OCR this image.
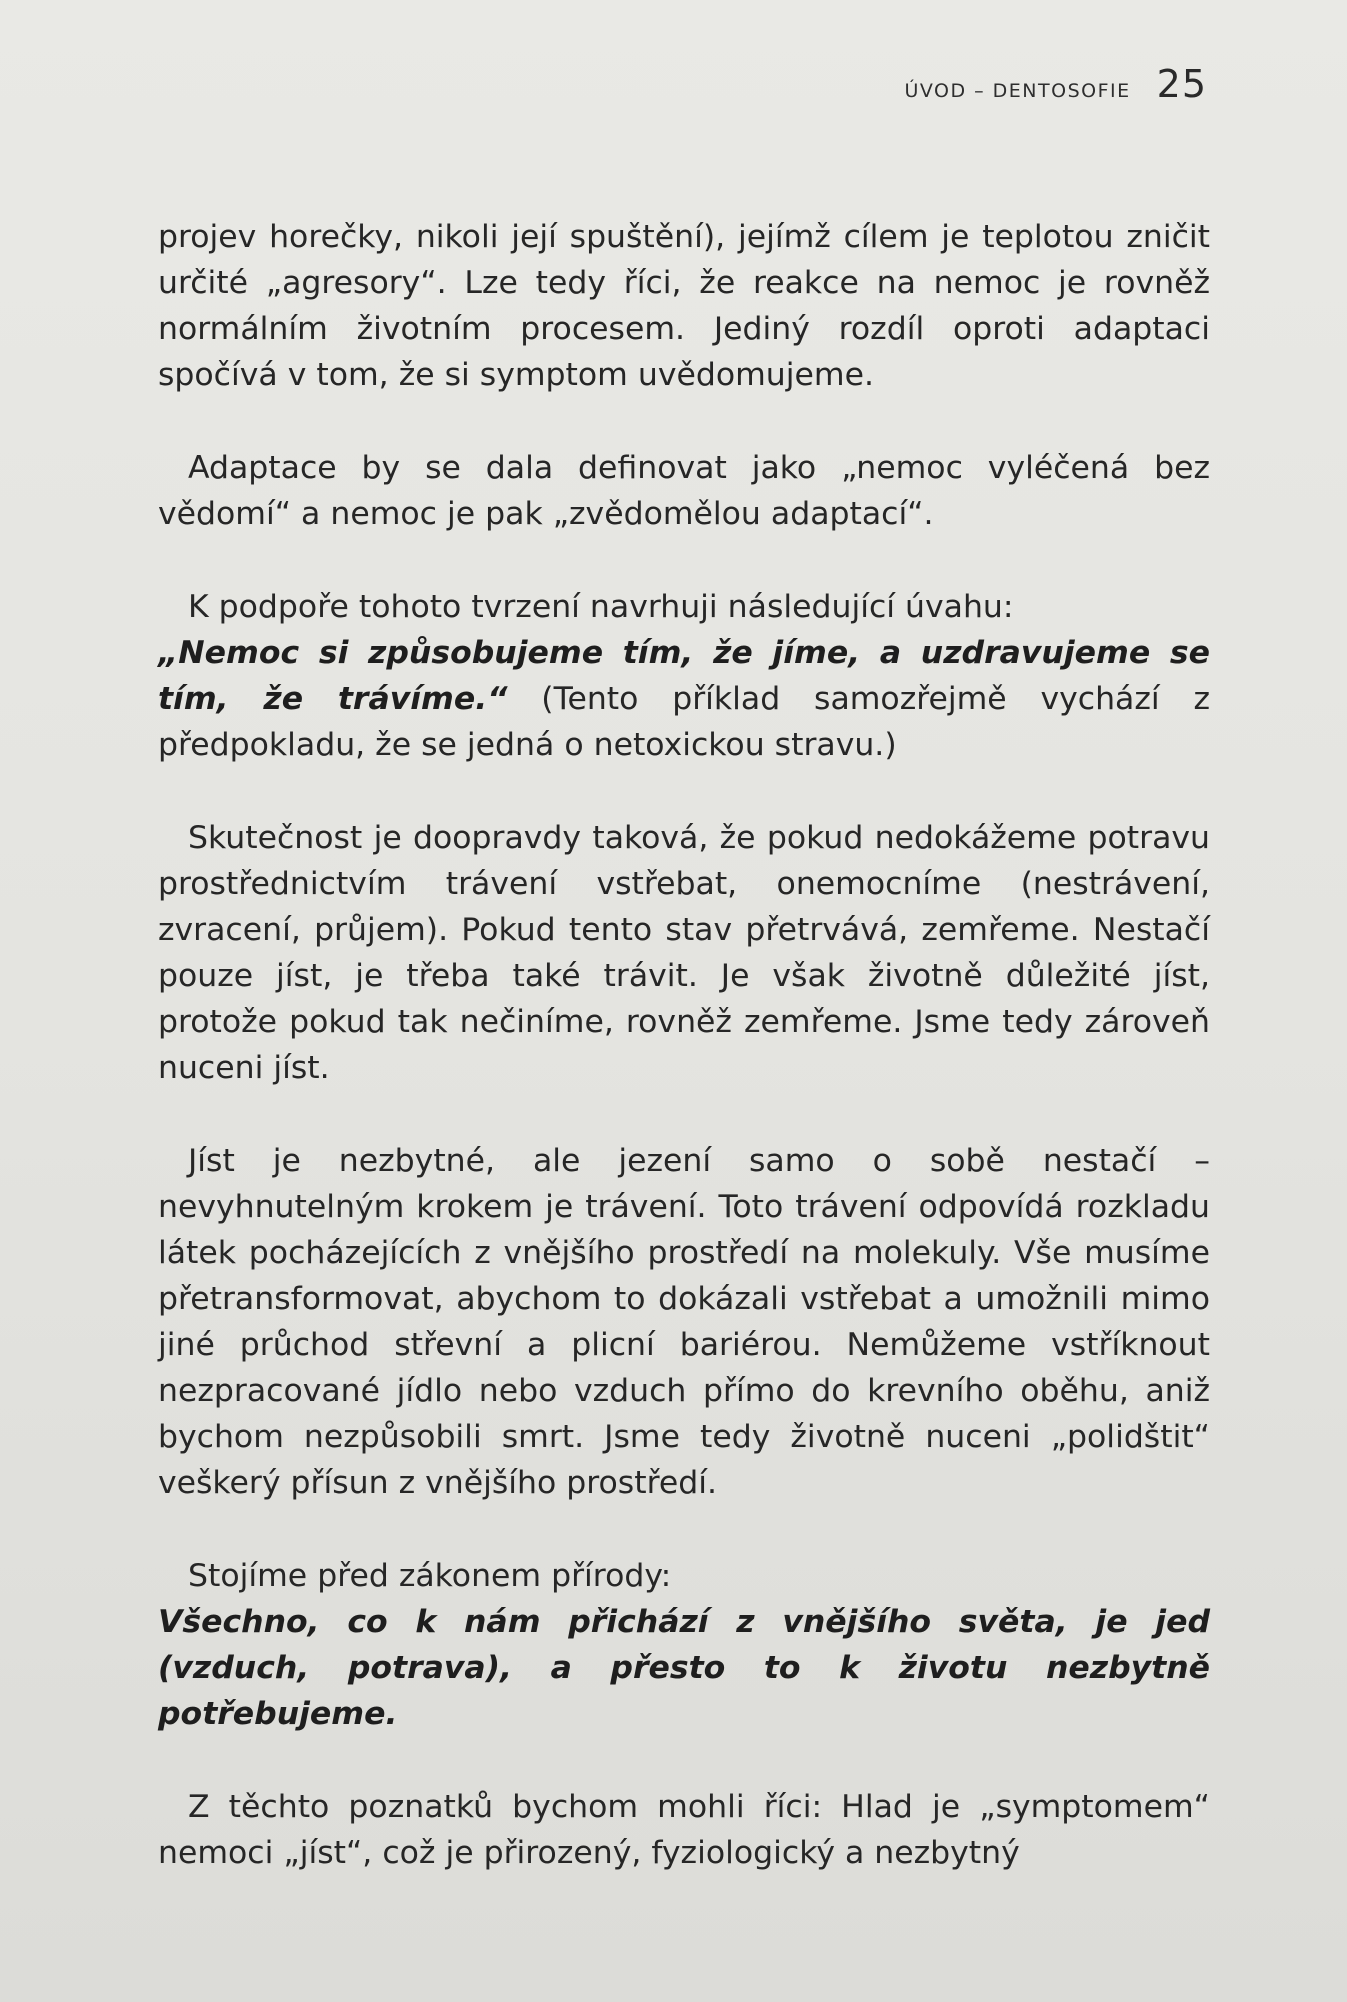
ÚVOD – DENTOSOFIE 25

projev horečky, nikoli její spuštění), jejímž cílem je teplotou zničit určité „agresory“. Lze tedy říci, že reakce na nemoc je rovněž normálním životním procesem. Jediný rozdíl oproti adaptaci spočívá v tom, že si symptom uvědomujeme.

Adaptace by se dala definovat jako „nemoc vyléčená bez vědomí“ a nemoc je pak „zvědomělou adaptací“.

K podpoře tohoto tvrzení navrhuji následující úvahu:
„Nemoc si způsobujeme tím, že jíme, a uzdravujeme se tím, že trávíme.“ (Tento příklad samozřejmě vychází z předpokladu, že se jedná o netoxickou stravu.)

Skutečnost je doopravdy taková, že pokud nedokážeme potravu prostřednictvím trávení vstřebat, onemocníme (nestrávení, zvracení, průjem). Pokud tento stav přetrvává, zemřeme. Nestačí pouze jíst, je třeba také trávit. Je však životně důležité jíst, protože pokud tak nečiníme, rovněž zemřeme. Jsme tedy zároveň nuceni jíst.

Jíst je nezbytné, ale jezení samo o sobě nestačí – nevyhnutelným krokem je trávení. Toto trávení odpovídá rozkladu látek pocházejících z vnějšího prostředí na molekuly. Vše musíme přetransformovat, abychom to dokázali vstřebat a umožnili mimo jiné průchod střevní a plicní bariérou. Nemůžeme vstříknout nezpracované jídlo nebo vzduch přímo do krevního oběhu, aniž bychom nezpůsobili smrt. Jsme tedy životně nuceni „polidštit“ veškerý přísun z vnějšího prostředí.

Stojíme před zákonem přírody:
Všechno, co k nám přichází z vnějšího světa, je jed (vzduch, potrava), a přesto to k životu nezbytně potřebujeme.

Z těchto poznatků bychom mohli říci: Hlad je „symptomem“ nemoci „jíst“, což je přirozený, fyziologický a nezbytný
